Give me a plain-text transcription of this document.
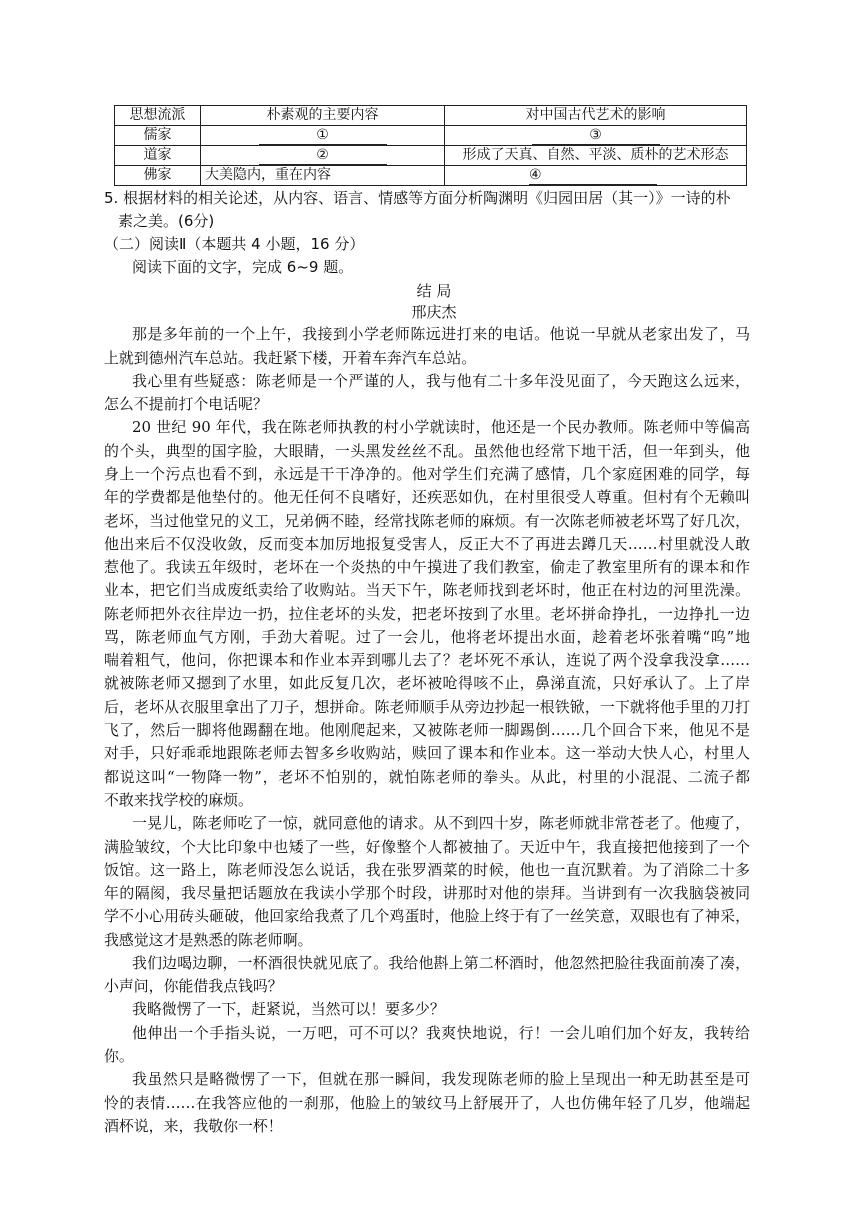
思想流派	朴素观的主要内容	对中国古代艺术的影响
儒家	①	③
道家	②	形成了天真、自然、平淡、质朴的艺术形态
佛家	大美隐内，重在内容	④
5. 根据材料的相关论述，从内容、语言、情感等方面分析陶渊明《归园田居（其一）》一诗的朴
素之美。(6分)
（二）阅读Ⅱ（本题共 4 小题，16 分）
阅读下面的文字，完成 6~9 题。
结 局
邢庆杰
那是多年前的一个上午，我接到小学老师陈远进打来的电话。他说一早就从老家出发了，马
上就到德州汽车总站。我赶紧下楼，开着车奔汽车总站。
我心里有些疑惑：陈老师是一个严谨的人，我与他有二十多年没见面了，今天跑这么远来，
怎么不提前打个电话呢？
20 世纪 90 年代，我在陈老师执教的村小学就读时，他还是一个民办教师。陈老师中等偏高
的个头，典型的国字脸，大眼睛，一头黑发丝丝不乱。虽然他也经常下地干活，但一年到头，他
身上一个污点也看不到，永远是干干净净的。他对学生们充满了感情，几个家庭困难的同学，每
年的学费都是他垫付的。他无任何不良嗜好，还疾恶如仇，在村里很受人尊重。但村有个无赖叫
老坏，当过他堂兄的义工，兄弟俩不睦，经常找陈老师的麻烦。有一次陈老师被老坏骂了好几次，
他出来后不仅没收敛，反而变本加厉地报复受害人，反正大不了再进去蹲几天……村里就没人敢
惹他了。我读五年级时，老坏在一个炎热的中午摸进了我们教室，偷走了教室里所有的课本和作
业本，把它们当成废纸卖给了收购站。当天下午，陈老师找到老坏时，他正在村边的河里洗澡。
陈老师把外衣往岸边一扔，拉住老坏的头发，把老坏按到了水里。老坏拼命挣扎，一边挣扎一边
骂，陈老师血气方刚，手劲大着呢。过了一会儿，他将老坏提出水面，趁着老坏张着嘴“呜”地
喘着粗气，他问，你把课本和作业本弄到哪儿去了？老坏死不承认，连说了两个没拿我没拿……
就被陈老师又摁到了水里，如此反复几次，老坏被呛得咳不止，鼻涕直流，只好承认了。上了岸
后，老坏从衣服里拿出了刀子，想拼命。陈老师顺手从旁边抄起一根铁锨，一下就将他手里的刀打
飞了，然后一脚将他踢翻在地。他刚爬起来，又被陈老师一脚踢倒……几个回合下来，他见不是
对手，只好乖乖地跟陈老师去智多乡收购站，赎回了课本和作业本。这一举动大快人心，村里人
都说这叫“一物降一物”，老坏不怕别的，就怕陈老师的拳头。从此，村里的小混混、二流子都
不敢来找学校的麻烦。
一晃儿，陈老师吃了一惊，就同意他的请求。从不到四十岁，陈老师就非常苍老了。他瘦了，
满脸皱纹，个大比印象中也矮了一些，好像整个人都被抽了。天近中午，我直接把他接到了一个
饭馆。这一路上，陈老师没怎么说话，我在张罗酒菜的时候，他也一直沉默着。为了消除二十多
年的隔阂，我尽量把话题放在我读小学那个时段，讲那时对他的崇拜。当讲到有一次我脑袋被同
学不小心用砖头砸破，他回家给我煮了几个鸡蛋时，他脸上终于有了一丝笑意，双眼也有了神采，
我感觉这才是熟悉的陈老师啊。
我们边喝边聊，一杯酒很快就见底了。我给他斟上第二杯酒时，他忽然把脸往我面前凑了凑，
小声问，你能借我点钱吗？
我略微愣了一下，赶紧说，当然可以！要多少？
他伸出一个手指头说，一万吧，可不可以？我爽快地说，行！一会儿咱们加个好友，我转给
你。
我虽然只是略微愣了一下，但就在那一瞬间，我发现陈老师的脸上呈现出一种无助甚至是可
怜的表情……在我答应他的一刹那，他脸上的皱纹马上舒展开了，人也仿佛年轻了几岁，他端起
酒杯说，来，我敬你一杯！
